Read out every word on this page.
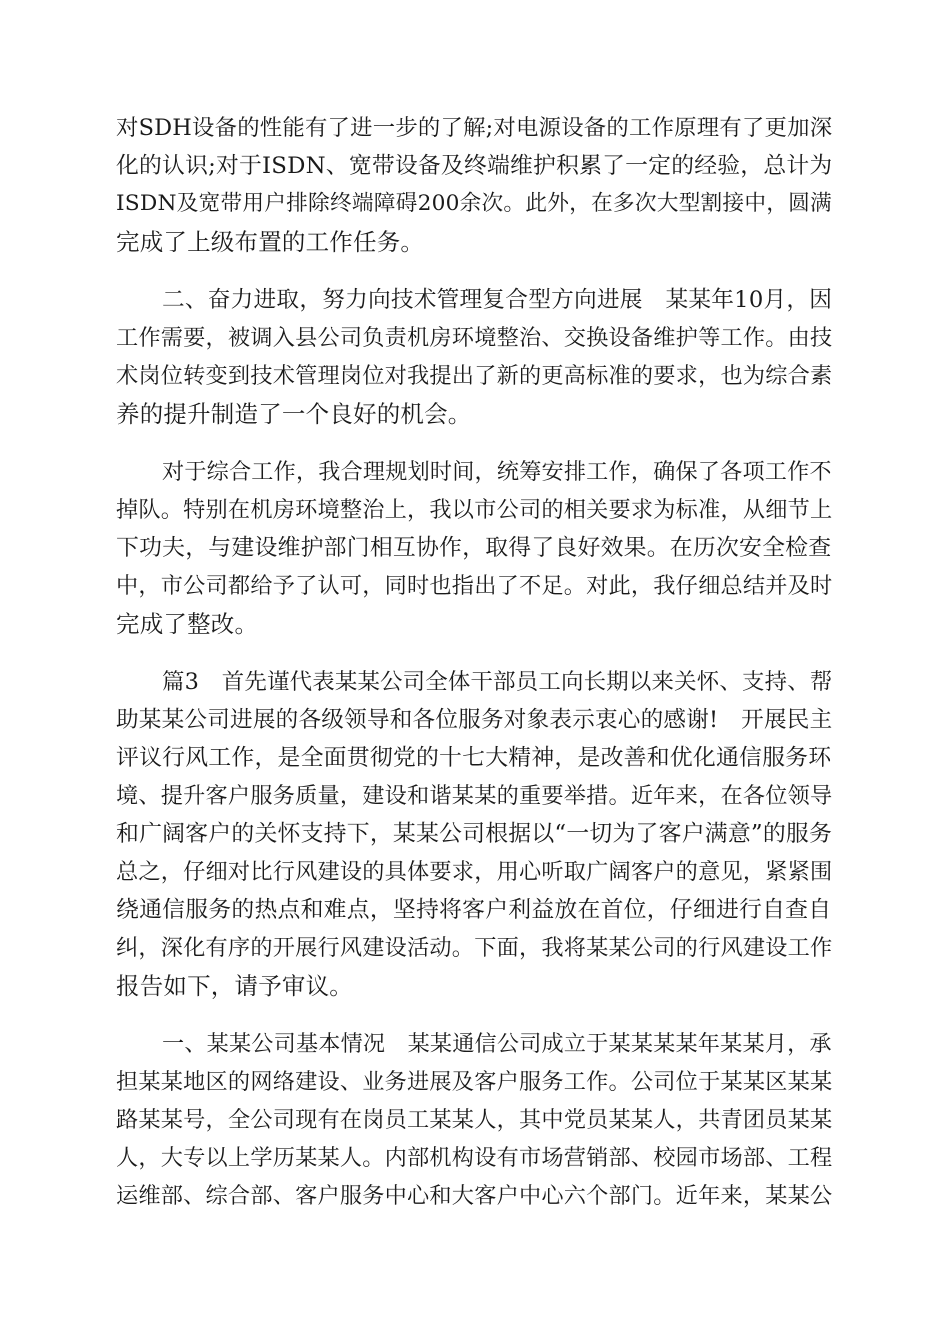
对SDH设备的性能有了进一步的了解;对电源设备的工作原理有了更加深

化的认识;对于ISDN、宽带设备及终端维护积累了一定的经验，总计为

ISDN及宽带用户排除终端障碍200余次。此外，在多次大型割接中，圆满

完成了上级布置的工作任务。

二、奋力进取，努力向技术管理复合型方向进展　某某年10月，因

工作需要，被调入县公司负责机房环境整治、交换设备维护等工作。由技

术岗位转变到技术管理岗位对我提出了新的更高标准的要求，也为综合素

养的提升制造了一个良好的机会。

对于综合工作，我合理规划时间，统筹安排工作，确保了各项工作不

掉队。特别在机房环境整治上，我以市公司的相关要求为标准，从细节上

下功夫，与建设维护部门相互协作，取得了良好效果。在历次安全检查

中，市公司都给予了认可，同时也指出了不足。对此，我仔细总结并及时

完成了整改。

篇3　首先谨代表某某公司全体干部员工向长期以来关怀、支持、帮

助某某公司进展的各级领导和各位服务对象表示衷心的感谢!　开展民主

评议行风工作，是全面贯彻党的十七大精神，是改善和优化通信服务环

境、提升客户服务质量，建设和谐某某的重要举措。近年来，在各位领导

和广阔客户的关怀支持下，某某公司根据以“一切为了客户满意”的服务

总之，仔细对比行风建设的具体要求，用心听取广阔客户的意见，紧紧围

绕通信服务的热点和难点，坚持将客户利益放在首位，仔细进行自查自

纠，深化有序的开展行风建设活动。下面，我将某某公司的行风建设工作

报告如下，请予审议。

一、某某公司基本情况　某某通信公司成立于某某某某年某某月，承

担某某地区的网络建设、业务进展及客户服务工作。公司位于某某区某某

路某某号，全公司现有在岗员工某某人，其中党员某某人，共青团员某某

人，大专以上学历某某人。内部机构设有市场营销部、校园市场部、工程

运维部、综合部、客户服务中心和大客户中心六个部门。近年来，某某公
